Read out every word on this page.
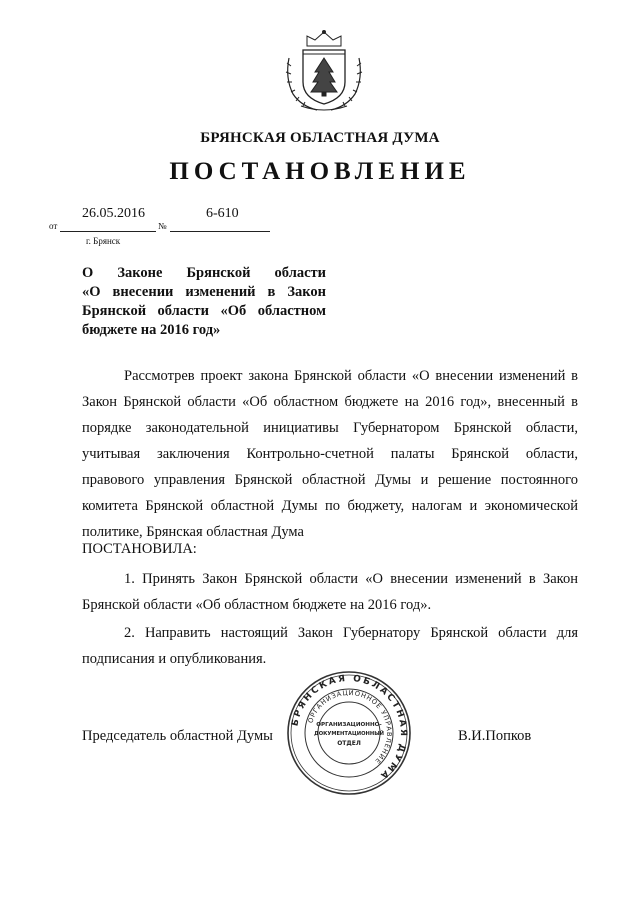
БРЯНСКАЯ ОБЛАСТНАЯ ДУМА
ПОСТАНОВЛЕНИЕ
от
26.05.2016
№
6-610
г. Брянск
О Законе Брянской области
«О внесении изменений в Закон
Брянской области «Об областном
бюджете на 2016 год»
Рассмотрев проект закона Брянской области «О внесении изменений в
Закон Брянской области «Об областном бюджете на 2016 год», внесенный в
порядке законодательной инициативы Губернатором Брянской области,
учитывая заключения Контрольно-счетной палаты Брянской области,
правового управления Брянской областной Думы и решение постоянного
комитета Брянской областной Думы по бюджету, налогам и экономической
политике, Брянская областная Дума
ПОСТАНОВИЛА:
1. Принять Закон Брянской области «О внесении изменений в Закон
Брянской области «Об областном бюджете на 2016 год».
2. Направить настоящий Закон Губернатору Брянской области для
подписания и опубликования.
Председатель областной Думы	В.И.Попков
БРЯНСКАЯ ОБЛАСТНАЯ ДУМА
ОРГАНИЗАЦИОННОЕ УПРАВЛЕНИЕ
ОРГАНИЗАЦИОННО-
ДОКУМЕНТАЦИОННЫЙ
ОТДЕЛ
